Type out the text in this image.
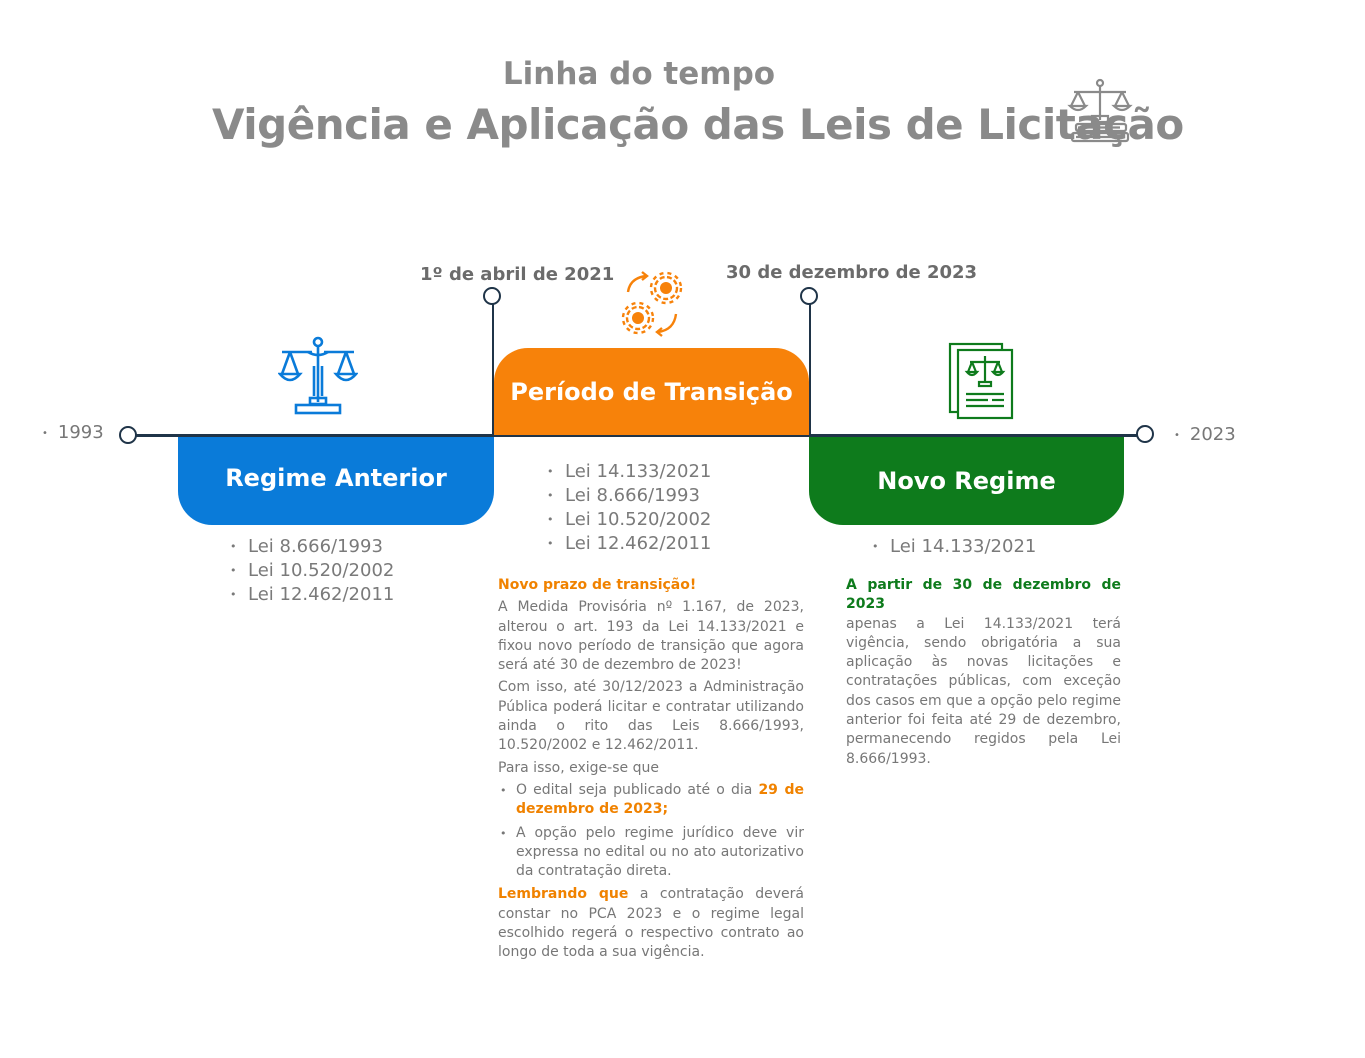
Linha do tempo
Vigência e Aplicação das Leis de Licitação
• 1993	• 2023
1º de abril de 2021	30 de dezembro de 2023
Regime Anterior
Período de Transição
Novo Regime
• Lei 8.666/1993
• Lei 10.520/2002
• Lei 12.462/2011
• Lei 14.133/2021
• Lei 8.666/1993
• Lei 10.520/2002
• Lei 12.462/2011	• Lei 14.133/2021

Novo prazo de transição!

A Medida Provisória nº 1.167, de 2023, alterou o art. 193 da Lei 14.133/2021 e fixou novo período de transição que agora será até 30 de dezembro de 2023!

Com isso, até 30/12/2023 a Administração Pública poderá licitar e contratar utilizando ainda o rito das Leis 8.666/1993, 10.520/2002 e 12.462/2011.

Para isso, exige-se que

• O edital seja publicado até o dia 29 de dezembro de 2023;
• A opção pelo regime jurídico deve vir expressa no edital ou no ato autorizativo da contratação direta.

Lembrando que a contratação deverá constar no PCA 2023 e o regime legal escolhido regerá o respectivo contrato ao longo de toda a sua vigência.

A partir de 30 de dezembro de 2023
apenas a Lei 14.133/2021 terá vigência, sendo obrigatória a sua aplicação às novas licitações e contratações públicas, com exceção dos casos em que a opção pelo regime anterior foi feita até 29 de dezembro, permanecendo regidos pela Lei 8.666/1993.
